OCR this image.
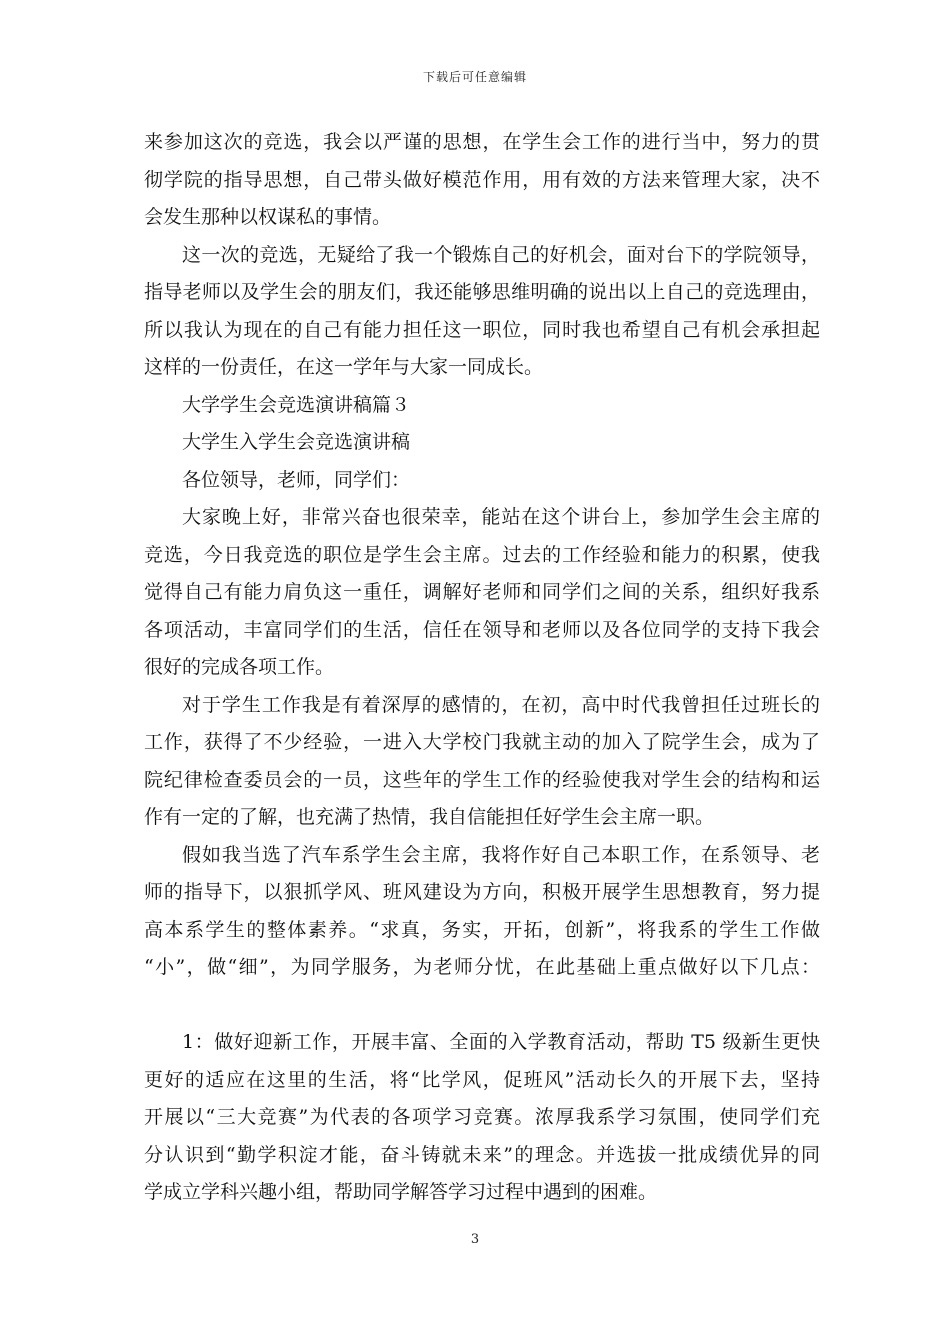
下载后可任意编辑
来参加这次的竞选，我会以严谨的思想，在学生会工作的进行当中，努力的贯
彻学院的指导思想，自己带头做好模范作用，用有效的方法来管理大家，决不
会发生那种以权谋私的事情。
这一次的竞选，无疑给了我一个锻炼自己的好机会，面对台下的学院领导，
指导老师以及学生会的朋友们，我还能够思维明确的说出以上自己的竞选理由，
所以我认为现在的自己有能力担任这一职位，同时我也希望自己有机会承担起
这样的一份责任，在这一学年与大家一同成长。
大学学生会竞选演讲稿篇３
大学生入学生会竞选演讲稿
各位领导，老师，同学们：
大家晚上好，非常兴奋也很荣幸，能站在这个讲台上，参加学生会主席的
竞选，今日我竞选的职位是学生会主席。过去的工作经验和能力的积累，使我
觉得自己有能力肩负这一重任，调解好老师和同学们之间的关系，组织好我系
各项活动，丰富同学们的生活，信任在领导和老师以及各位同学的支持下我会
很好的完成各项工作。
对于学生工作我是有着深厚的感情的，在初，高中时代我曾担任过班长的
工作，获得了不少经验，一进入大学校门我就主动的加入了院学生会，成为了
院纪律检查委员会的一员，这些年的学生工作的经验使我对学生会的结构和运
作有一定的了解，也充满了热情，我自信能担任好学生会主席一职。
假如我当选了汽车系学生会主席，我将作好自己本职工作，在系领导、老
师的指导下，以狠抓学风、班风建设为方向，积极开展学生思想教育，努力提
高本系学生的整体素养。“求真，务实，开拓，创新”，将我系的学生工作做
“小”，做“细”，为同学服务，为老师分忧，在此基础上重点做好以下几点：
1：做好迎新工作，开展丰富、全面的入学教育活动，帮助 T5 级新生更快
更好的适应在这里的生活，将“比学风，促班风”活动长久的开展下去，坚持
开展以“三大竞赛”为代表的各项学习竞赛。浓厚我系学习氛围，使同学们充
分认识到“勤学积淀才能，奋斗铸就未来”的理念。并选拔一批成绩优异的同
学成立学科兴趣小组，帮助同学解答学习过程中遇到的困难。
3
